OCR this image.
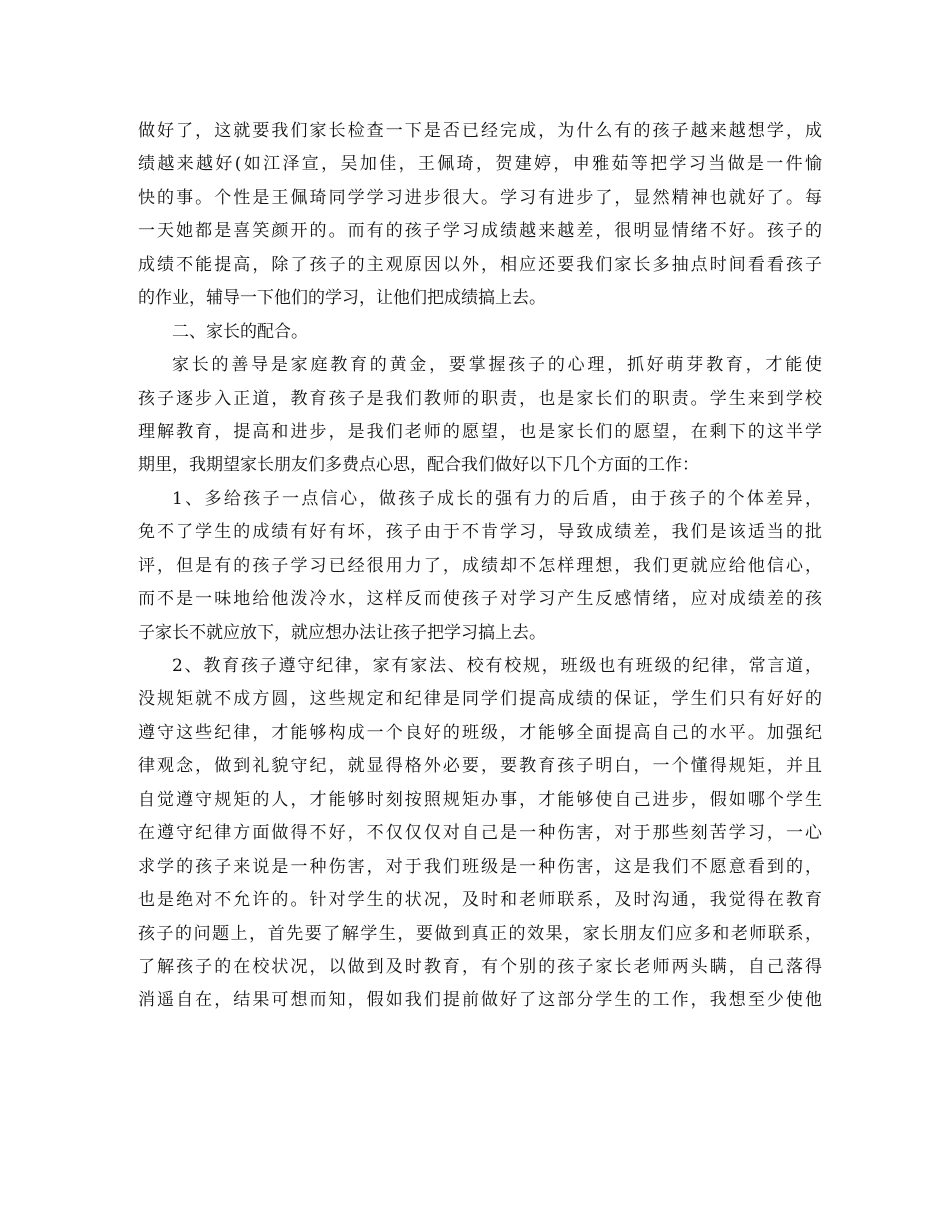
做好了，这就要我们家长检查一下是否已经完成，为什么有的孩子越来越想学，成
绩越来越好(如江泽宣，吴加佳，王佩琦，贺建婷，申雅茹等把学习当做是一件愉
快的事。个性是王佩琦同学学习进步很大。学习有进步了，显然精神也就好了。每
一天她都是喜笑颜开的。而有的孩子学习成绩越来越差，很明显情绪不好。孩子的
成绩不能提高，除了孩子的主观原因以外，相应还要我们家长多抽点时间看看孩子
的作业，辅导一下他们的学习，让他们把成绩搞上去。
二、家长的配合。
家长的善导是家庭教育的黄金，要掌握孩子的心理，抓好萌芽教育，才能使
孩子逐步入正道，教育孩子是我们教师的职责，也是家长们的职责。学生来到学校
理解教育，提高和进步，是我们老师的愿望，也是家长们的愿望，在剩下的这半学
期里，我期望家长朋友们多费点心思，配合我们做好以下几个方面的工作：
1、多给孩子一点信心，做孩子成长的强有力的后盾，由于孩子的个体差异，
免不了学生的成绩有好有坏，孩子由于不肯学习，导致成绩差，我们是该适当的批
评，但是有的孩子学习已经很用力了，成绩却不怎样理想，我们更就应给他信心，
而不是一味地给他泼冷水，这样反而使孩子对学习产生反感情绪，应对成绩差的孩
子家长不就应放下，就应想办法让孩子把学习搞上去。
2、教育孩子遵守纪律，家有家法、校有校规，班级也有班级的纪律，常言道，
没规矩就不成方圆，这些规定和纪律是同学们提高成绩的保证，学生们只有好好的
遵守这些纪律，才能够构成一个良好的班级，才能够全面提高自己的水平。加强纪
律观念，做到礼貌守纪，就显得格外必要，要教育孩子明白，一个懂得规矩，并且
自觉遵守规矩的人，才能够时刻按照规矩办事，才能够使自己进步，假如哪个学生
在遵守纪律方面做得不好，不仅仅仅对自己是一种伤害，对于那些刻苦学习，一心
求学的孩子来说是一种伤害，对于我们班级是一种伤害，这是我们不愿意看到的，
也是绝对不允许的。针对学生的状况，及时和老师联系，及时沟通，我觉得在教育
孩子的问题上，首先要了解学生，要做到真正的效果，家长朋友们应多和老师联系，
了解孩子的在校状况，以做到及时教育，有个别的孩子家长老师两头瞒，自己落得
消遥自在，结果可想而知，假如我们提前做好了这部分学生的工作，我想至少使他
